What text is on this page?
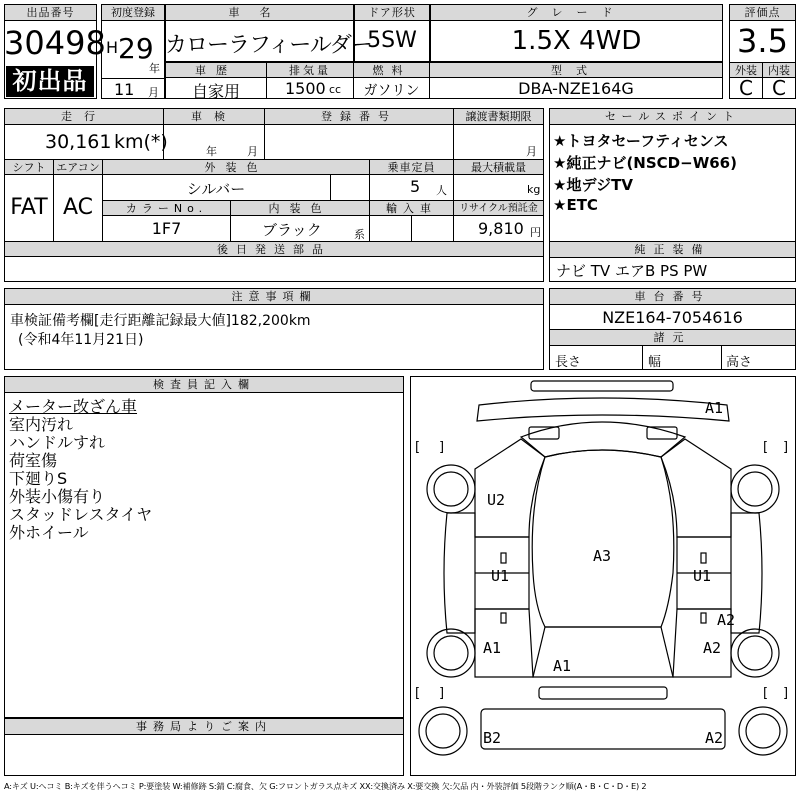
出品番号
30498
初出品
初度登録
H 29
年
11 月
車名
カローラフィールダー
ドア形状
5SW
グレード
1.5X 4WD
評価点
3.5
外装	内装
C C
車歴	排気量	燃料	型式
自家用	1500 cc	ガソリン	DBA-NZE164G
走行	車検	登録番号	譲渡書類期限
30,161 km(*)	年	月	月
シフト エアコン	外装色	乗車定員	最大積載量
FAT AC
シルバー	5 人	kg
カラーNo.	内装色	輸入車	リサイクル預託金
1F7	ブラック	系	9,810 円
後日発送部品
セールスポイント
★トヨタセーフティセンス
★純正ナビ(NSCD−W66)
★地デジTV
★ETC
純正装備
ナビ TV エアB PS PW
注意事項欄
車検証備考欄[走行距離記録最大値]182,200km
(令和4年11月21日)
車台番号
NZE164-7054616
諸元
長さ	幅	高さ
検査員記入欄
メーター改ざん車
室内汚れ
ハンドルすれ
荷室傷
下廻りS
外装小傷有り
スタッドレスタイヤ
外ホイール
事務局よりご案内
[ ]	[ ]
[ ]	[ ]
A1
U2
A3
U1	U1
A2
A1	A2
A1
B2	A2
A:キズ U:ヘコミ B:キズを伴うヘコミ P:要塗装 W:補修跡 S:錆 C:腐食、欠 G:フロントガラス点キズ XX:交換済み X:要交換 欠:欠品 内・外装評価 5段階ランク順(A・B・C・D・E) 2
